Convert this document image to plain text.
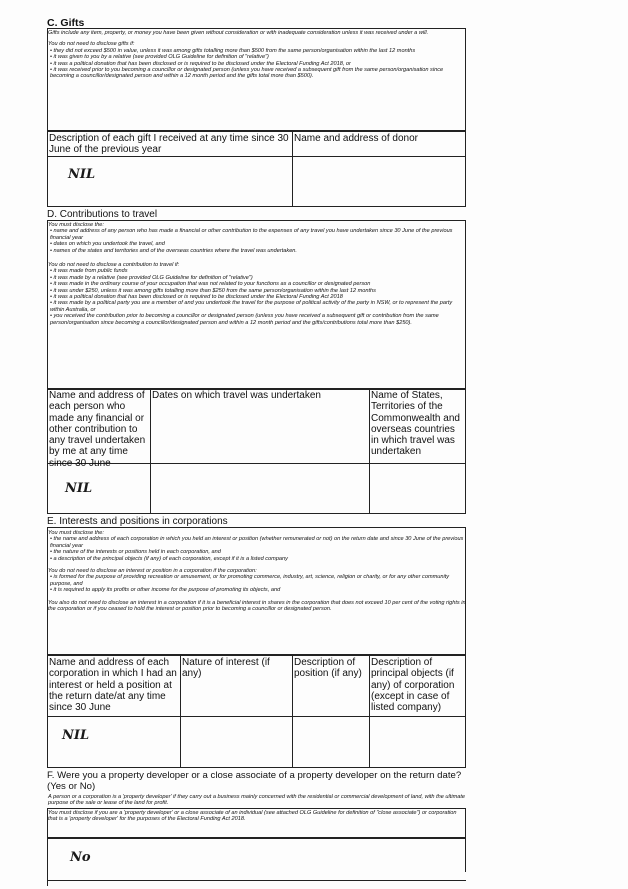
C. Gifts

Gifts include any item, property, or money you have been given without consideration or with inadequate consideration unless it was received under a will.

You do not need to disclose gifts if:

• they did not exceed $500 in value, unless it was among gifts totalling more than $500 from the same person/organisation within the last 12 months

• it was given to you by a relative (see provided OLG Guideline for definition of "relative")

• it was a political donation that has been disclosed or is required to be disclosed under the Electoral Funding Act 2018, or

• it was received prior to you becoming a councillor or designated person (unless you have received a subsequent gift from the same person/organisation since becoming a councillor/designated person and within a 12 month period and the gifts total more than $500).

Description of each gift I received at any time since 30 June of the previous year
Name and address of donor
NIL
D. Contributions to travel

You must disclose the:

• name and address of any person who has made a financial or other contribution to the expenses of any travel you have undertaken since 30 June of the previous financial year

• dates on which you undertook the travel, and

• names of the states and territories and of the overseas countries where the travel was undertaken.

You do not need to disclose a contribution to travel if:

• it was made from public funds

• it was made by a relative (see provided OLG Guideline for definition of "relative")

• it was made in the ordinary course of your occupation that was not related to your functions as a councillor or designated person

• it was under $250, unless it was among gifts totalling more than $250 from the same person/organisation within the last 12 months

• it was a political donation that has been disclosed or is required to be disclosed under the Electoral Funding Act 2018

• it was made by a political party you are a member of and you undertook the travel for the purpose of political activity of the party in NSW, or to represent the party within Australia, or

• you received the contribution prior to becoming a councillor or designated person (unless you have received a subsequent gift or contribution from the same person/organisation since becoming a councillor/designated person and within a 12 month period and the gifts/contributions total more than $250).

Name and address of each person who made any financial or other contribution to any travel undertaken by me at any time since 30 June
Dates on which travel was undertaken	Name of States, Territories of the Commonwealth and overseas countries in which travel was undertaken
NIL
E. Interests and positions in corporations

You must disclose the:

• the name and address of each corporation in which you held an interest or position (whether remunerated or not) on the return date and since 30 June of the previous financial year

• the nature of the interests or positions held in each corporation, and

• a description of the principal objects (if any) of each corporation, except if it is a listed company

You do not need to disclose an interest or position in a corporation if the corporation:

• is formed for the purpose of providing recreation or amusement, or for promoting commerce, industry, art, science, religion or charity, or for any other community purpose, and

• it is required to apply its profits or other income for the purpose of promoting its objects, and

You also do not need to disclose an interest in a corporation if it is a beneficial interest in shares in the corporation that does not exceed 10 per cent of the voting rights in the corporation or if you ceased to hold the interest or position prior to becoming a councillor or designated person.

Name and address of each corporation in which I had an interest or held a position at the return date/at any time since 30 June
Nature of interest (if any)
Description of position (if any)
Description of principal objects (if any) of corporation (except in case of listed company)
NIL
F. Were you a property developer or a close associate of a property developer on the return date? (Yes or No)
A person or a corporation is a 'property developer' if they carry out a business mainly concerned with the residential or commercial development of land, with the ultimate purpose of the sale or lease of the land for profit.
You must disclose if you are a 'property developer' or a close associate of an individual (see attached OLG Guideline for definition of "close associate") or corporation that is a 'property developer' for the purposes of the Electoral Funding Act 2018.
No
